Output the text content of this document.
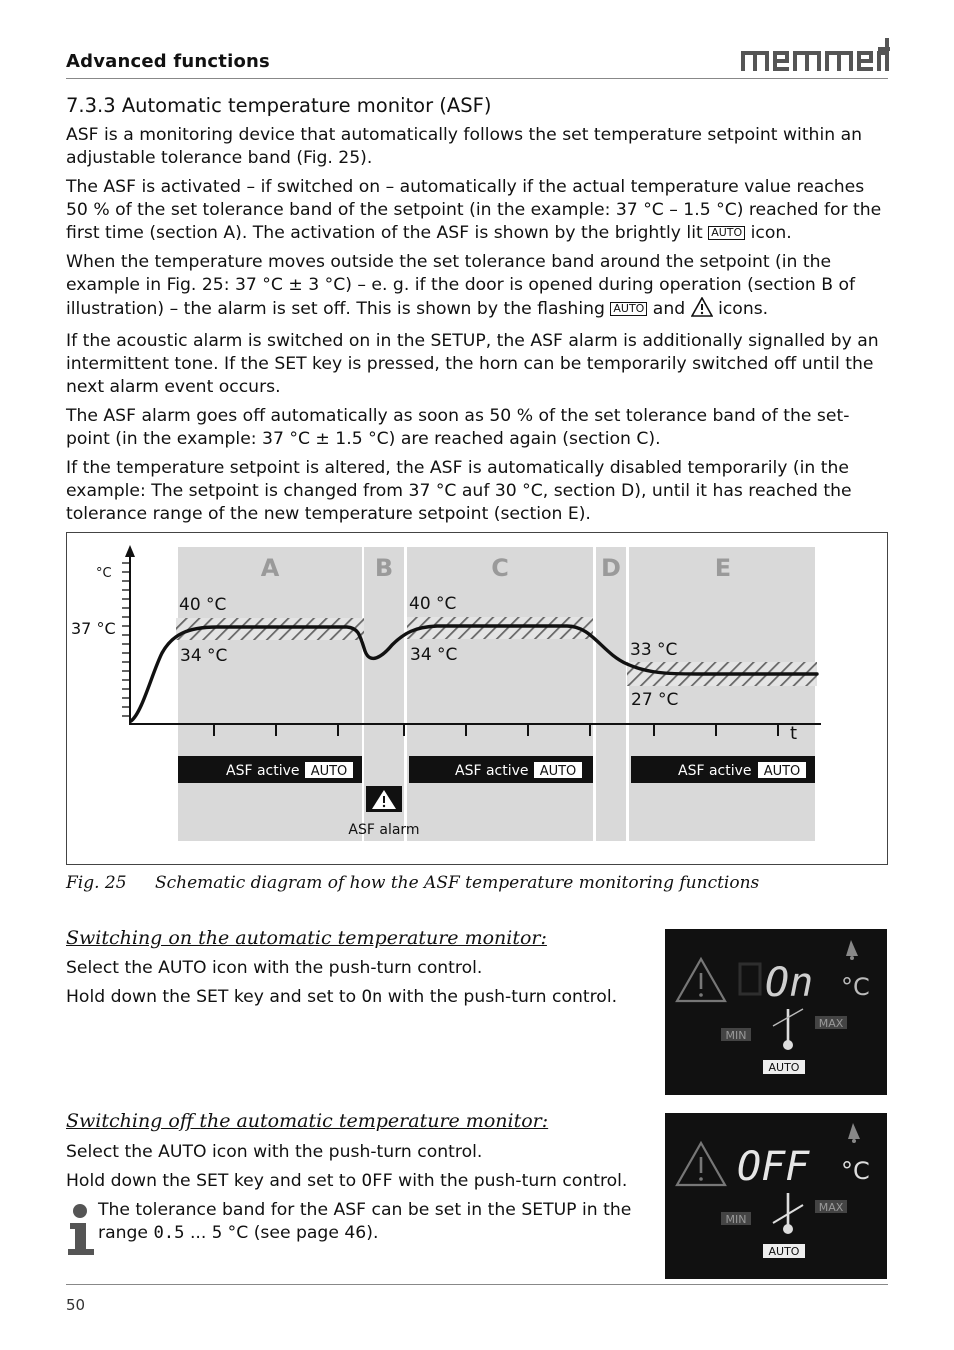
Advanced functions
7.3.3 Automatic temperature monitor (ASF)

ASF is a monitoring device that automatically follows the set temperature setpoint within an adjustable tolerance band (Fig. 25).

The ASF is activated – if switched on – automatically if the actual temperature value reaches 50 % of the set tolerance band of the setpoint (in the example: 37 °C – 1.5 °C) reached for the first time (section A). The activation of the ASF is shown by the brightly lit AUTO icon.

When the temperature moves outside the set tolerance band around the setpoint (in the example in Fig. 25: 37 °C ± 3 °C) – e. g. if the door is opened during operation (section B of illustration) – the alarm is set off. This is shown by the flashing AUTO and  icons.

If the acoustic alarm is switched on in the SETUP, the ASF alarm is additionally signalled by an intermittent tone. If the SET key is pressed, the horn can be temporarily switched off until the next alarm event occurs.

The ASF alarm goes off automatically as soon as 50 % of the set tolerance band of the set-point (in the example: 37 °C ± 1.5 °C) are reached again (section C).

If the temperature setpoint is altered, the ASF is automatically disabled temporarily (in the example: The setpoint is changed from 37 °C auf 30 °C, section D), until it has reached the tolerance range of the new temperature setpoint (section E).

A	B	C	D	E
°C
37 °C
t
40 °C
34 °C
40 °C
34 °C	33 °C
27 °C
ASF active AUTO	ASF active AUTO	ASF active AUTO
ASF alarm
Fig. 25 Schematic diagram of how the ASF temperature monitoring functions
Switching on the automatic temperature monitor:
Select the AUTO icon with the push-turn control.
Hold down the SET key and set to On with the push-turn control.	On °C
MIN
MAX
AUTO
Switching off the automatic temperature monitor:
Select the AUTO icon with the push-turn control.
Hold down the SET key and set to OFF with the push-turn control.	OFF °C
MIN
MAX
AUTO
The tolerance band for the ASF can be set in the SETUP in the range 0.5 ... 5 °C (see page 46).
50
